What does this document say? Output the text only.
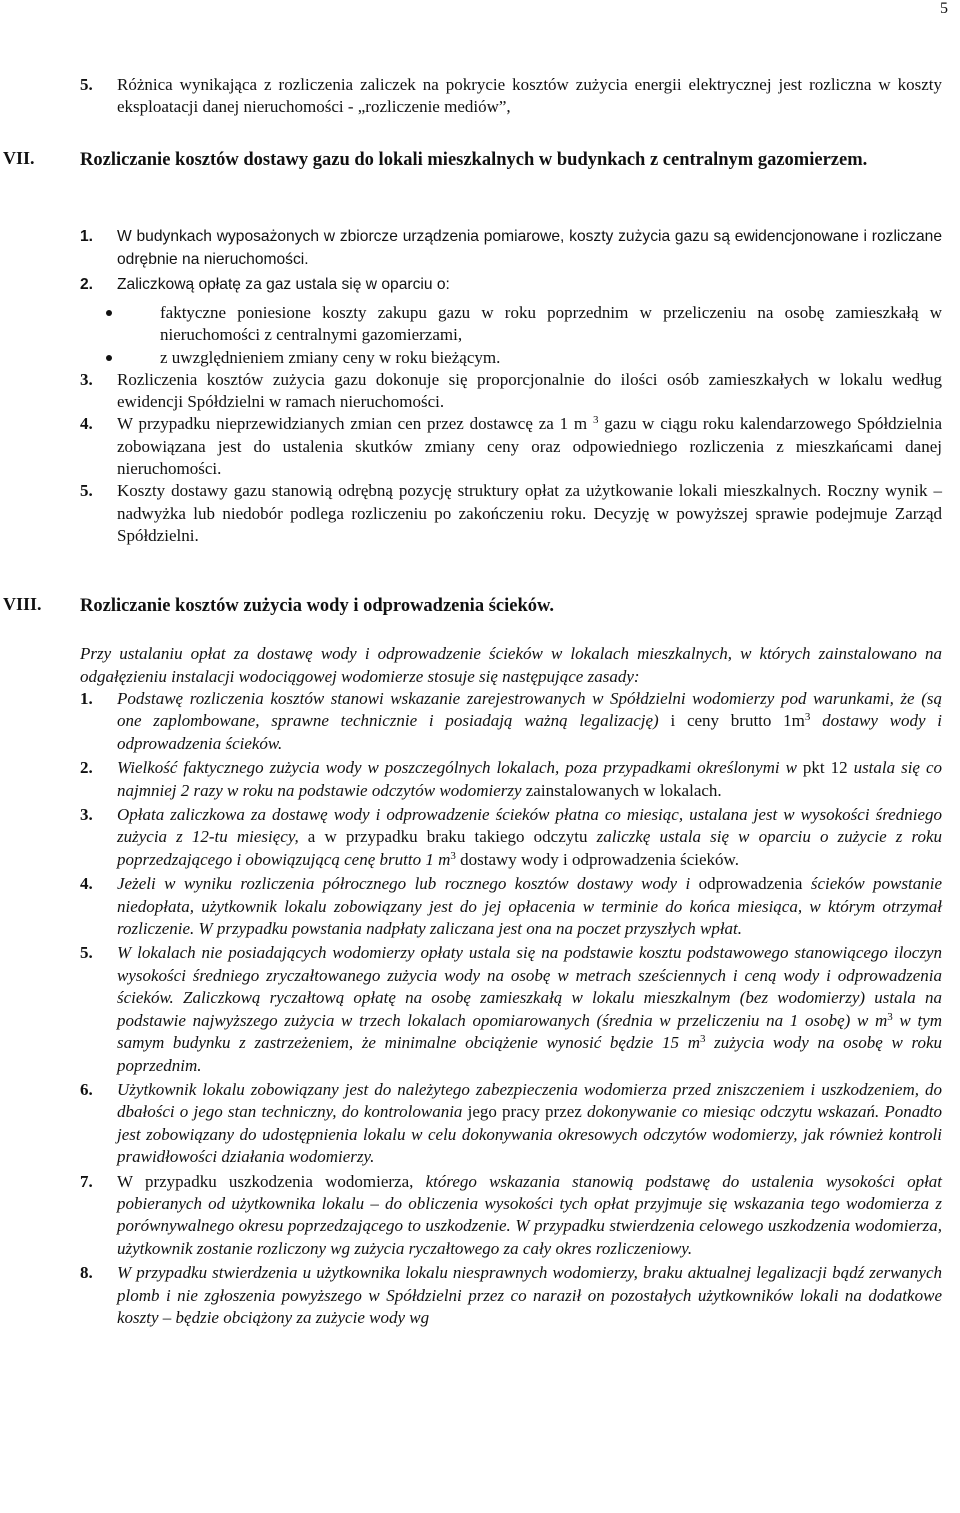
5
5. Różnica wynikająca z rozliczenia zaliczek na pokrycie kosztów zużycia energii elektrycznej jest rozliczna w koszty eksploatacji danej nieruchomości - „rozliczenie mediów”,
VII. Rozliczanie kosztów dostawy gazu do lokali mieszkalnych w budynkach z centralnym gazomierzem.
1. W budynkach wyposażonych w zbiorcze urządzenia pomiarowe, koszty zużycia gazu są ewidencjonowane i rozliczane odrębnie na nieruchomości.
2. Zaliczkową opłatę za gaz ustala się w oparciu o:
faktyczne poniesione koszty zakupu gazu w roku poprzednim w przeliczeniu na osobę zamieszkałą w nieruchomości z centralnymi gazomierzami,
z uwzględnieniem zmiany ceny w roku bieżącym.
3. Rozliczenia kosztów zużycia gazu dokonuje się proporcjonalnie do ilości osób zamieszkałych w lokalu według ewidencji Spółdzielni w ramach nieruchomości.
4. W przypadku nieprzewidzianych zmian cen przez dostawcę za 1 m $^3$ gazu w ciągu roku kalendarzowego Spółdzielnia zobowiązana jest do ustalenia skutków zmiany ceny oraz odpowiedniego rozliczenia z mieszkańcami danej nieruchomości.
5. Koszty dostawy gazu stanowią odrębną pozycję struktury opłat za użytkowanie lokali mieszkalnych. Roczny wynik – nadwyżka lub niedobór podlega rozliczeniu po zakończeniu roku. Decyzję w powyższej sprawie podejmuje Zarząd Spółdzielni.
VIII. Rozliczanie kosztów zużycia wody i odprowadzenia ścieków.
Przy ustalaniu opłat za dostawę wody i odprowadzenie ścieków w lokalach mieszkalnych, w których zainstalowano na odgałęzieniu instalacji wodociągowej wodomierze stosuje się następujące zasady:
1. Podstawę rozliczenia kosztów stanowi wskazanie zarejestrowanych w Spółdzielni wodomierzy pod warunkami, że (są one zaplombowane, sprawne technicznie i posiadają ważną legalizację) i ceny brutto $1m^3$ dostawy wody i odprowadzenia ścieków.
2. Wielkość faktycznego zużycia wody w poszczególnych lokalach, poza przypadkami określonymi w pkt 12 ustala się co najmniej 2 razy w roku na podstawie odczytów wodomierzy zainstalowanych w lokalach.
3. Opłata zaliczkowa za dostawę wody i odprowadzenie ścieków płatna co miesiąc, ustalana jest w wysokości średniego zużycia z 12-tu miesięcy, a w przypadku braku takiego odczytu zaliczkę ustala się w oparciu o zużycie z roku poprzedzającego i obowiązującą cenę brutto 1 $m^3$ dostawy wody i odprowadzenia ścieków.
4. Jeżeli w wyniku rozliczenia półrocznego lub rocznego kosztów dostawy wody i odprowadzenia ścieków powstanie niedopłata, użytkownik lokalu zobowiązany jest do jej opłacenia w terminie do końca miesiąca, w którym otrzymał rozliczenie. W przypadku powstania nadpłaty zaliczana jest ona na poczet przyszłych wpłat.
5. W lokalach nie posiadających wodomierzy opłaty ustala się na podstawie kosztu podstawowego stanowiącego iloczyn wysokości średniego zryczałtowanego zużycia wody na osobę w metrach sześciennych i ceną wody i odprowadzenia ścieków. Zaliczkową ryczałtową opłatę na osobę zamieszkałą w lokalu mieszkalnym (bez wodomierzy) ustala na podstawie najwyższego zużycia w trzech lokalach opomiarowanych (średnia w przeliczeniu na 1 osobę) w $m^3$ w tym samym budynku z zastrzeżeniem, że minimalne obciążenie wynosić będzie 15 $m^3$ zużycia wody na osobę w roku poprzednim.
6. Użytkownik lokalu zobowiązany jest do należytego zabezpieczenia wodomierza przed zniszczeniem i uszkodzeniem, do dbałości o jego stan techniczny, do kontrolowania jego pracy przez dokonywanie co miesiąc odczytu wskazań. Ponadto jest zobowiązany do udostępnienia lokalu w celu dokonywania okresowych odczytów wodomierzy, jak również kontroli prawidłowości działania wodomierzy.
7. W przypadku uszkodzenia wodomierza, którego wskazania stanowią podstawę do ustalenia wysokości opłat pobieranych od użytkownika lokalu – do obliczenia wysokości tych opłat przyjmuje się wskazania tego wodomierza z porównywalnego okresu poprzedzającego to uszkodzenie. W przypadku stwierdzenia celowego uszkodzenia wodomierza, użytkownik zostanie rozliczony wg zużycia ryczałtowego za cały okres rozliczeniowy.
8. W przypadku stwierdzenia u użytkownika lokalu niesprawnych wodomierzy, braku aktualnej legalizacji bądź zerwanych plomb i nie zgłoszenia powyższego w Spółdzielni przez co naraził on pozostałych użytkowników lokali na dodatkowe koszty – będzie obciążony za zużycie wody wg
